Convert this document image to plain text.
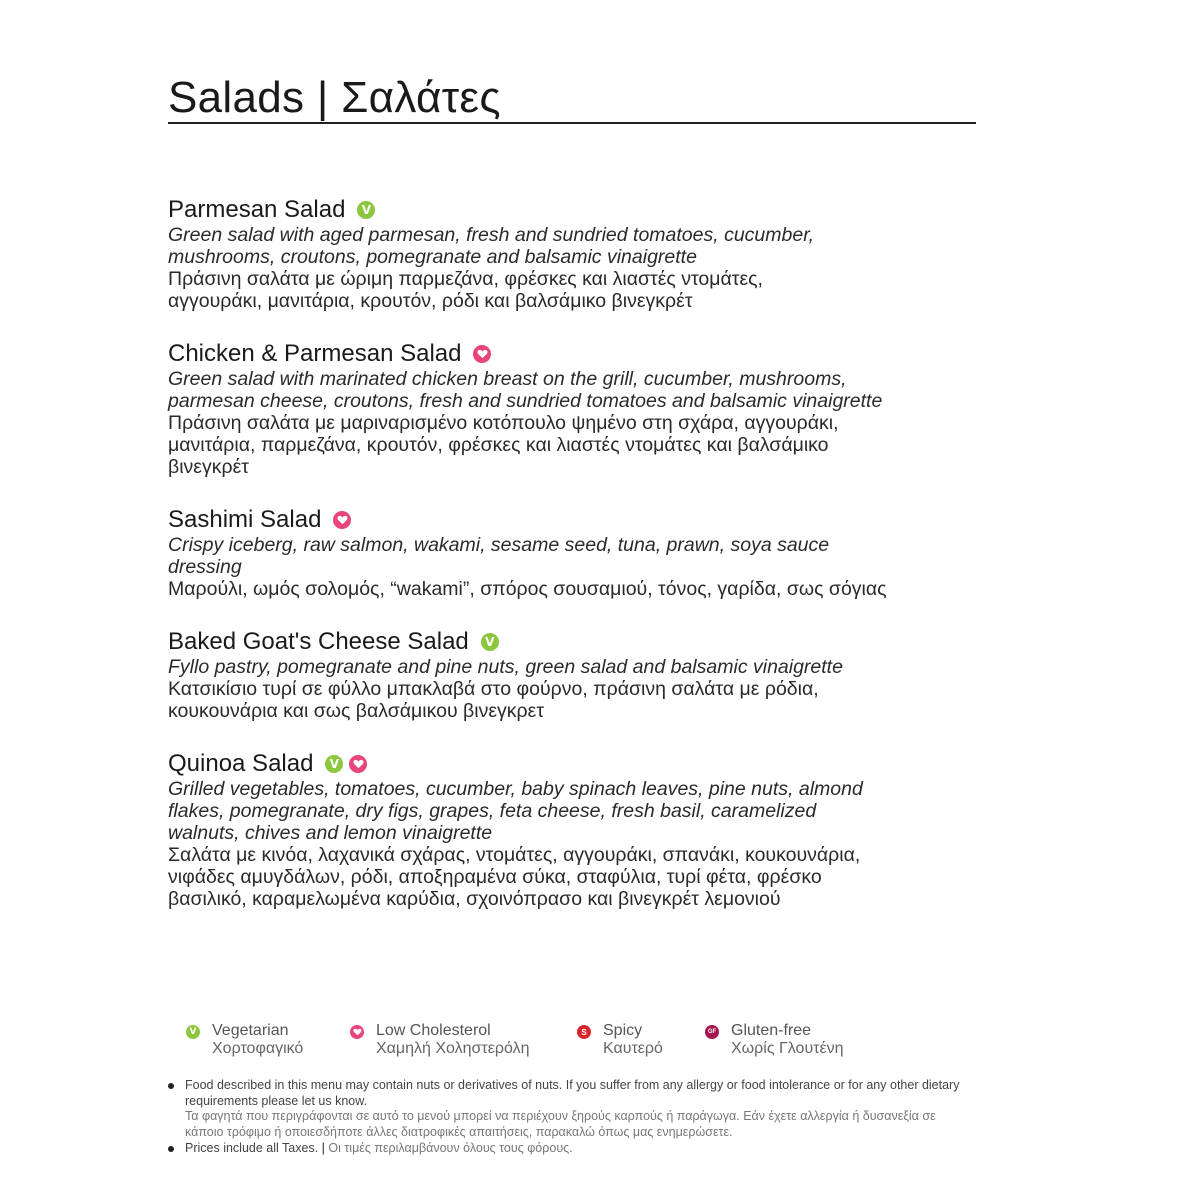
Salads | Σαλάτες
Parmesan Salad	V
Green salad with aged parmesan, fresh and sundried tomatoes, cucumber,
mushrooms, croutons, pomegranate and balsamic vinaigrette
Πράσινη σαλάτα με ώριμη παρμεζάνα, φρέσκες και λιαστές ντομάτες,
αγγουράκι, μανιτάρια, κρουτόν, ρόδι και βαλσάμικο βινεγκρέτ
Chicken & Parmesan Salad
Green salad with marinated chicken breast on the grill, cucumber, mushrooms,
parmesan cheese, croutons, fresh and sundried tomatoes and balsamic vinaigrette
Πράσινη σαλάτα με μαριναρισμένο κοτόπουλο ψημένο στη σχάρα, αγγουράκι,
μανιτάρια, παρμεζάνα, κρουτόν, φρέσκες και λιαστές ντομάτες και βαλσάμικο
βινεγκρέτ
Sashimi Salad
Crispy iceberg, raw salmon, wakami, sesame seed, tuna, prawn, soya sauce dressing
Μαρούλι, ωμός σολομός, “wakami”, σπόρος σουσαμιού, τόνος, γαρίδα, σως σόγιας
Baked Goat's Cheese Salad	V
Fyllo pastry, pomegranate and pine nuts, green salad and balsamic vinaigrette
Κατσικίσιο τυρί σε φύλλο μπακλαβά στο φούρνο, πράσινη σαλάτα με ρόδια,
κουκουνάρια και σως βαλσάμικου βινεγκρετ
Quinoa Salad	V
Grilled vegetables, tomatoes, cucumber, baby spinach leaves, pine nuts, almond
flakes, pomegranate, dry figs, grapes, feta cheese, fresh basil, caramelized
walnuts, chives and lemon vinaigrette
Σαλάτα με κινόα, λαχανικά σχάρας, ντομάτες, αγγουράκι, σπανάκι, κουκουνάρια,
νιφάδες αμυγδάλων, ρόδι, αποξηραμένα σύκα, σταφύλια, τυρί φέτα, φρέσκο
βασιλικό, καραμελωμένα καρύδια, σχοινόπρασο και βινεγκρέτ λεμονιού
V Vegetarian
Χορτοφαγικό
Low Cholesterol
Χαμηλή Χοληστερόλη
S Spicy
Καυτερό
GF Gluten-free
Χωρίς Γλουτένη
Food described in this menu may contain nuts or derivatives of nuts. If you suffer from any allergy or food intolerance or for any other dietary requirements please let us know.
Τα φαγητά που περιγράφονται σε αυτό το μενού μπορεί να περιέχουν ξηρούς καρπούς ή παράγωγα. Εάν έχετε αλλεργία ή δυσανεξία σε κάποιο τρόφιμο ή οποιεσδήποτε άλλες διατροφικές απαιτήσεις, παρακαλώ όπως μας ενημερώσετε.
Prices include all Taxes. | Οι τιμές περιλαμβάνουν όλους τους φόρους.
